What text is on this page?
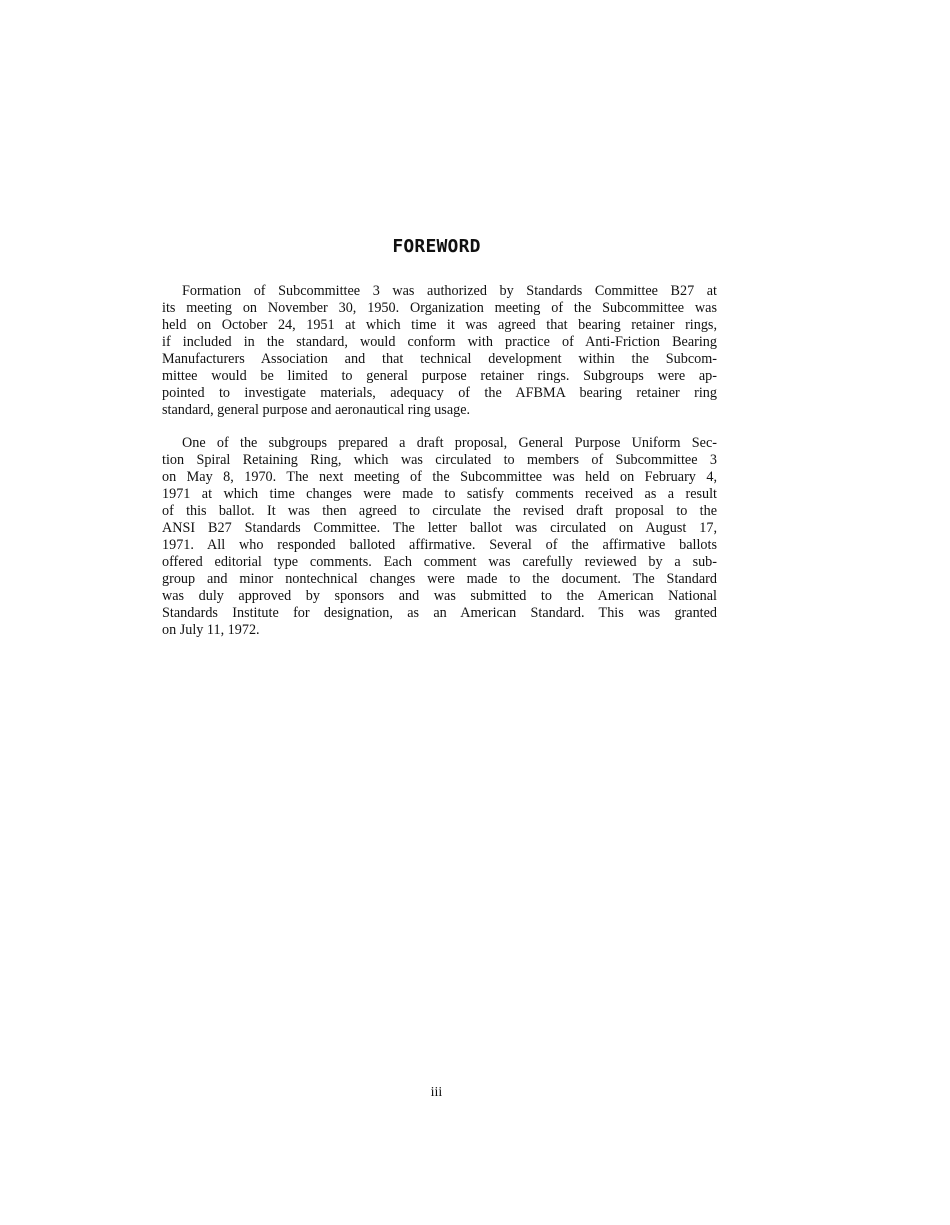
FOREWORD
Formation of Subcommittee 3 was authorized by Standards Committee B27 at
its meeting on November 30, 1950. Organization meeting of the Subcommittee was
held on October 24, 1951 at which time it was agreed that bearing retainer rings,
if included in the standard, would conform with practice of Anti-Friction Bearing
Manufacturers Association and that technical development within the Subcom-
mittee would be limited to general purpose retainer rings. Subgroups were ap-
pointed to investigate materials, adequacy of the AFBMA bearing retainer ring
standard, general purpose and aeronautical ring usage.
One of the subgroups prepared a draft proposal, General Purpose Uniform Sec-
tion Spiral Retaining Ring, which was circulated to members of Subcommittee 3
on May 8, 1970. The next meeting of the Subcommittee was held on February 4,
1971 at which time changes were made to satisfy comments received as a result
of this ballot. It was then agreed to circulate the revised draft proposal to the
ANSI B27 Standards Committee. The letter ballot was circulated on August 17,
1971. All who responded balloted affirmative. Several of the affirmative ballots
offered editorial type comments. Each comment was carefully reviewed by a sub-
group and minor nontechnical changes were made to the document. The Standard
was duly approved by sponsors and was submitted to the American National
Standards Institute for designation, as an American Standard. This was granted
on July 11, 1972.

iii
